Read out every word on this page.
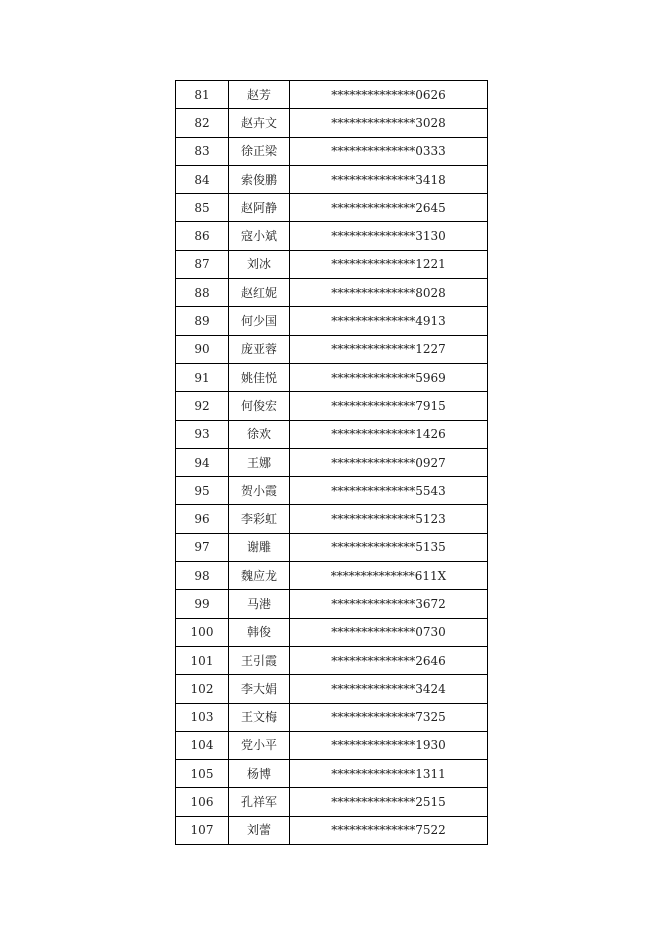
81	赵芳	**************0626
82	赵卉文	**************3028
83	徐正梁	**************0333
84	索俊鹏	**************3418
85	赵阿静	**************2645
86	寇小斌	**************3130
87	刘冰	**************1221
88	赵红妮	**************8028
89	何少国	**************4913
90	庞亚蓉	**************1227
91	姚佳悦	**************5969
92	何俊宏	**************7915
93	徐欢	**************1426
94	王娜	**************0927
95	贺小霞	**************5543
96	李彩虹	**************5123
97	谢雕	**************5135
98	魏应龙	**************611X
99	马港	**************3672
100	韩俊	**************0730
101	王引霞	**************2646
102	李大娟	**************3424
103	王文梅	**************7325
104	党小平	**************1930
105	杨博	**************1311
106	孔祥军	**************2515
107	刘蕾	**************7522
